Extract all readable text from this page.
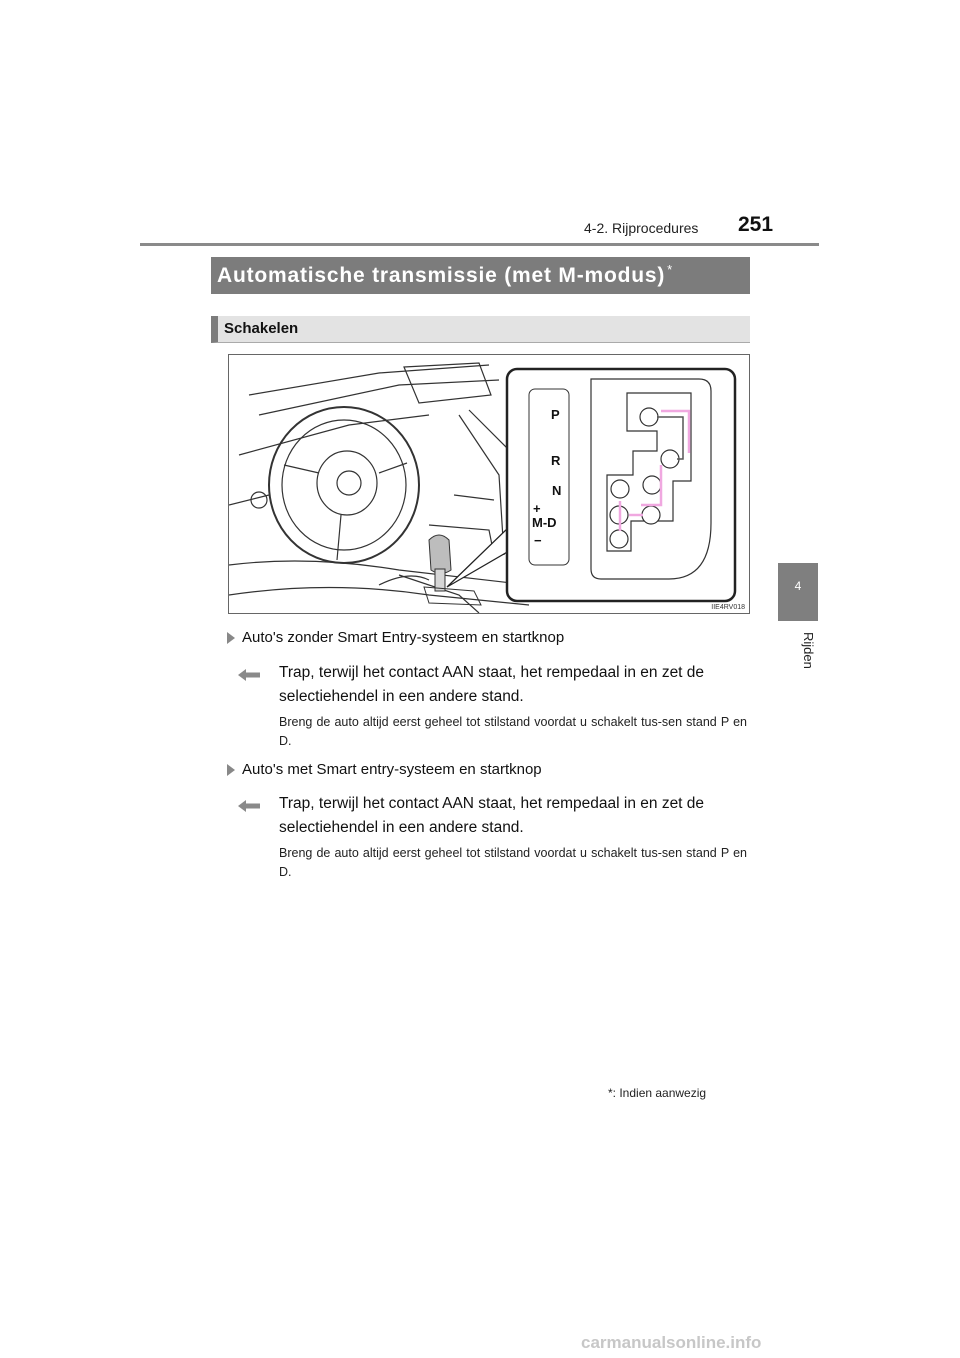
4-2. Rijprocedures 251
4
Rijden
Automatische transmissie (met M-modus) *
Schakelen
P
R
N
+
M-D
−
IIE4RV018
Auto's zonder Smart Entry-systeem en startknop
Trap, terwijl het contact AAN staat, het rempedaal in en zet de selectiehendel in een andere stand.
Breng de auto altijd eerst geheel tot stilstand voordat u schakelt tus-sen stand P en D.
Auto's met Smart entry-systeem en startknop
Trap, terwijl het contact AAN staat, het rempedaal in en zet de selectiehendel in een andere stand.
Breng de auto altijd eerst geheel tot stilstand voordat u schakelt tus-sen stand P en D.
*: Indien aanwezig
carmanualsonline.info
